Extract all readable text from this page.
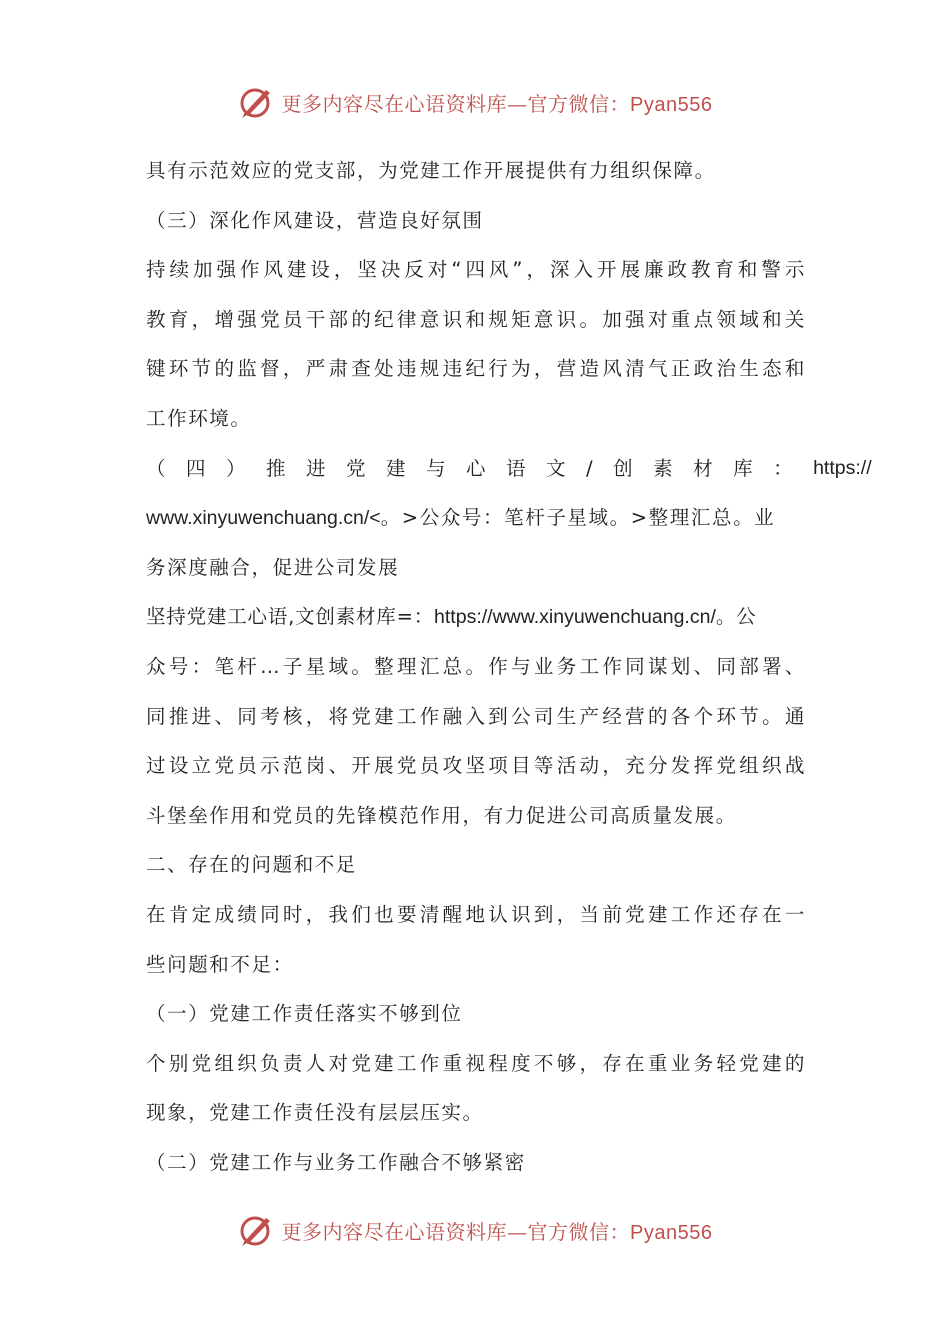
更多内容尽在心语资料库—官方微信：Pyan556
具有示范效应的党支部，为党建工作开展提供有力组织保障。
（三）深化作风建设，营造良好氛围
持续加强作风建设，坚决反对“四风”，深入开展廉政教育和警示
教育，增强党员干部的纪律意识和规矩意识。加强对重点领域和关
键环节的监督，严肃查处违规违纪行为，营造风清气正政治生态和
工作环境。
（四）推进党建与心语文/创素材库： https://
www.xinyuwenchuang.cn/<。>公众号：笔杆子星域。>整理汇总。业
务深度融合，促进公司发展
坚持党建工心语,文创素材库=：https://www.xinyuwenchuang.cn/。公
众号：笔杆…子星域。整理汇总。作与业务工作同谋划、同部署、
同推进、同考核，将党建工作融入到公司生产经营的各个环节。通
过设立党员示范岗、开展党员攻坚项目等活动，充分发挥党组织战
斗堡垒作用和党员的先锋模范作用，有力促进公司高质量发展。
二、存在的问题和不足
在肯定成绩同时，我们也要清醒地认识到，当前党建工作还存在一
些问题和不足：
（一）党建工作责任落实不够到位
个别党组织负责人对党建工作重视程度不够，存在重业务轻党建的
现象，党建工作责任没有层层压实。
（二）党建工作与业务工作融合不够紧密
更多内容尽在心语资料库—官方微信：Pyan556
